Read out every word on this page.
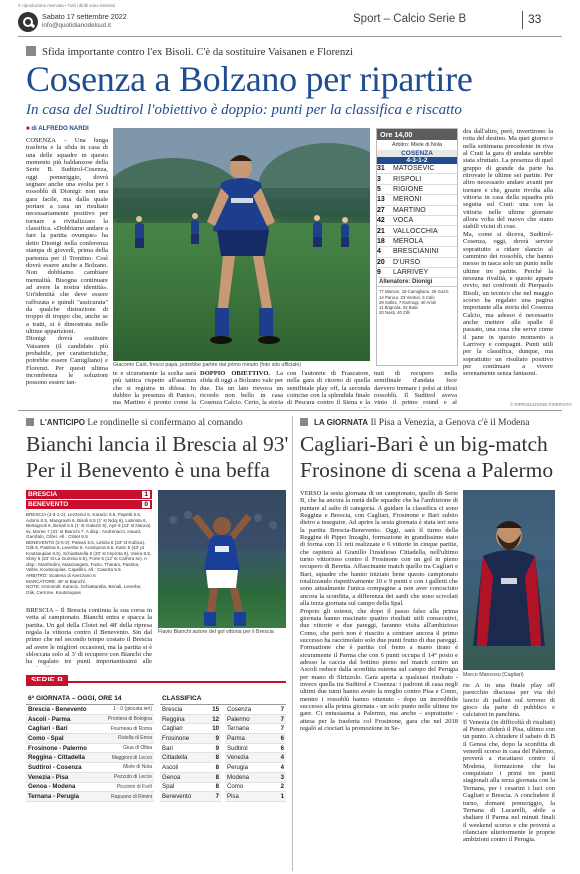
© riproduzione riservata • Tutti i diritti sono riservati
Sabato 17 settembre 2022
info@quotidianodelsud.it
Sport – Calcio Serie B	33
Sfida importante contro l'ex Bisoli. C'è da sostituire Vaisanen e Florenzi
Cosenza a Bolzano per ripartire
In casa del Sudtirol l'obiettivo è doppio: punti per la classifica e riscatto
■ di ALFREDO NARDI
COSENZA – Una lunga trasferta e la sfida in casa di una delle squadre in questo momento più baldanzose della Serie B. Sudtirol-Cosenza, oggi pomeriggio, dovrà segnare anche una svolta per i rossoblù di Dionigi: non una gara facile, ma dalla quale portare a casa un risultato necessariamente positivo per tornare a rivitalizzare la classifica. «Dobbiamo andare a fare la partita ovunque» ha detto Dionigi nella conferenza stampa di giovedì, prima della partenza per il Trentino. Così dovrà essere anche a Bolzano. Non dobbiamo cambiare mentalità. Bisogna continuare ad avere la nostra identità». Un'identità che deve essere raffozata e quindi "assicurata" da qualche distrazione di troppo di troppo che, anche se a tratti, si è dimostrata nelle ultime apparizioni.
Dionigi dovrà sostituire Vaisanen (il candidato più probabile, per caratteristiche, potrebbe essere Camigliano) e Florenzi. Per questi ultima incombenza le soluzioni possono essere tan-
Giacomo Calò, fresco papà, potrebbe partire dal primo minuto (foto sito ufficiale)
te e sicuramente la scelta sarà più tattica rispetto all'assenza che si registra in difesa. In dubbio la presenza di Panico, ma Martino è pronto come la
DOPPIO OBIETTIVO. La sfida di oggi a Bolzano vale per due. Da un lato rievoca un ricordo non bello in casa Cosenza Calcio. Certo, la storia
con l'autorete di Frascatore, nella gara di ritorno di quella semifinale play off, la seconda coincise con la splendida finale di Pescara contro il Siena e la

nuti di recupero nella semifinale d'andata fece davvero tremare i polsi ai tifosi rossoblù. Il Sudtirol aveva vinto il primo round e al
Ore 14,00
Arbitro: Miele di Nola
COSENZA
4-3-1-2
31	MATOSEVIC
3	RISPOLI
5	RIGIONE
13	MERONI
27	MARTINO
42	VOCA
21	VALLOCCHIA
18	MEROLA
4	BRESCIANINI
20	D'URSO
9	LARRIVEY
Allenatore: Dionigi
77 Marson, 19 Camigliano, 25 Gozzi
14 Panico, 23 Venturi, 6 Calò
28 Sollini, 7 Karmogi, 40 Arioli
11 Brignola, 32 Butic
20 Nasti, 40 Zilli
dra dall'altro, però, invertirono la rotta del destino. Ma quei giorno e nella settimana precedente in riva al Crati la gara di andata sarebbe stata sfruttato. La presenza di quel gruppo di grande da parte ha ritrovato le ultime sei partite. Per altro necessario andare avanti per tornare e che, grazie rivolta alla vittoria in casa della squadra più seguita sul Crati: una con la vittoria nelle ultime giornate allora volta del nuovo che siano stabili vicini di cose.
Ma, come si diceva, Sudtirol-Cosenza, oggi, dovrà servire soprattutto a ridare slancio al cammino dei rossoblù, che hanno messo in tasca solo un punto nelle ultime tre partite. Perché la nessuna rivalità, e questo appare ovvio, nei confronti di Pierpaolo Bisoli, un tecnico che nel maggio scorso ha regalato una pagina importante alla storia del Cosenza Calcio, ma adesso è necessario anche mettere alle spalle il passato, una cosa che serve come il pane in questo momento a Larrivey e compagni. Punti utili per la classifica, dunque, ma soprattutto un risultato positivo per continuare a vivere serenamente senza fantasmi.
© RIPRODUZIONE RISERVATA
L'ANTICIPO Le rondinelle si confermano al comando
Bianchi lancia il Brescia al 93'
Per il Benevento è una beffa
BRESCIA	1
BENEVENTO	0
BRESCIA (4-3-1-2): Lezzerini 6, Karacic 5.5, Papetti 5.5, Adorni 6.5, Mangraviti 6, Bisoli 6.5 (1' st Ndoj 6), Labriola 6, Bertagnoli 6, Benali 5.5 (1' st Galazzi 6), Ayé 6 (43' st Nanna) sv, Moree 7 (31' st Bianchi 7. A disp.: Andrenacci, Huard, Garofalo, Olzer. All.: Clotet 6.5
BENEVENTO (3-5-2): Paleari 6.5, Letizia 6 (33' st Kubica), Glik 6, Pastina 6, Leverbe 6, Acampora 6.5, Karic 5 (43' pt Koutsoupias 6.5), Schiattarella 5 (33' st Improta 6), Vieira 6.5, Sbiry 5 (23' st La Gumina 5.5), Forte 5 (12' st Carfora sv). A disp.: Manfredini, Masciangelo, Fazio, Tharam, Pastina, Veltre, Koutsoupias, Capellini. All.: Caserta 5.5
ARBITRO: Scatena di Avezzano 6
MARCATORE: 49' st Bianchi
NOTE: Ammoniti: Karacic, Schiattarella, Benali, Leverbe, Glik, Cerrone, Koutsoupias
Flavio Bianchi autore del gol vittoria per il Brescia
BRESCIA – Il Brescia continua la sua corsa in vetta al campionato. Bianchi entra e spacca la partita. Un gol della Clotet nel 48' della ripresa regala la vittoria contro il Benevento. Sin dal primo che nel secondo tempo costato il Brescia ad avere le migliori occasioni, ma la partita si è sbloccata solo al 3' di recupero con Bianchi che ha regalato tre punti importantissimi alle
6ª GIORNATA – OGGI, ORE 14
Brescia - Benevento	1 - 0 (giocata ieri)
Ascoli - Parma	Prontera di Bologna
Cagliari - Bari	Fourneau di Roma
Como - Spal	Rutella di Enna
Frosinone - Palermo	Giua di Olbia
Reggina - Cittadella	Maggioni di Lecco
Sudtirol - Cosenza	Miele di Nola
Venezia - Pisa	Pezzuto di Lecce
Genoa - Modena	Piccinini di Forlì
Ternana - Perugia	Rapuano di Rimini
CLASSIFICA
Brescia	15
Reggina	12
Cagliari	10
Frosinone	9
Bari	9
Cittadella	8
Ascoli	8
Genoa	8
Spal	8
Benevento	7
Cosenza	7
Palermo	7
Ternana	7
Parma	6
Sudtirol	6
Venezia	4
Perugia	4
Modena	3
Como	2
Pisa	1
LA GIORNATA Il Pisa a Venezia, a Genova c'è il Modena
Cagliari-Bari è un big-match
Frosinone di scena a Palermo
VERSO la sesta giornata di un campionato, quello di Serie B, che ha ancora la metà delle squadre che ha l'ambizione di puntare al salto di categoria. A guidare la classifica ci sono Reggina e Brescia, con Cagliari, Frosinone e Bari subito dietro a inseguire. Ad aprire la sesta giornata è stata ieri sera la partita Brescia-Benevento. Oggi, sarà il turno della Reggina di Pippo Inzaghi, formazione in grandissimo stato di forma con 11 reti realizzate e 6 vittorie in cinque partite, che ospiterà al Granillo l'insidioso Cittadella, nell'ultimo turno vittorioso contro il Frosinone con un gol in pieno recupero di Beretta. Affascinante match quello tra Cagliari e Bari, squadre che hanno iniziato bene questo campionato totalizzando rispettivamente 10 e 9 punti e con i galletti che sono attualmente l'unica compagine a non aver conosciuto ancora la sconfitta, a differenza dei sardi che sono scivolati alla terza giornata sul campo della Spal.
Proprio gli estensi, che dopo il passo falso alla prima giornata hanno macinato quattro risultati utili consecutivi, due vittorie e due pareggi, faranno visita all'ambizioso Como, che però non è riuscito a centrare ancora il primo successo ha raccimolato solo due punti frutto di due pareggi. Formazione che è partita col freno a mano tirato è sicuramente il Parma che con 6 punti occupa il 14° posto e adesso la caccia dal bottino pieno nel match contro un Ascoli reduce dalla sconfitta esterna sul campo del Perugia per mano di Strizzolo. Gara aperta a qualsiasi risultato - invece quella tra Sudtirol e Cosenza: i padroni di casa negli ultimi due turni hanno avuto la meglio contro Pisa e Como, mentre i rossoblù hanno ottenuto - dopo un incredibile successo alla prima giornata - un solo punto nelle ultime tre gare. Ci entusiasma a Palermo, ma anche - soprattutto - attesa per la trasferta col Frosinone, gara che nel 2018 regalò ai ciociari la promozione in Se-
Marco Mancosu (Cagliari)
rie A in una finale play off parecchio discussa per via del lancio di palloni sul terreno di gioco da parte di pubblico e calciatori in panchina.
Il Venezia (in difficoltà di risultati) al Penzo sfiderà il Pisa, ultimo con un punto. A chiudere il sabato di B il Genoa che, dopo la sconfitta di venerdì scorso in casa del Palermo, proverà a riscattarsi contro il Modena, formazione che ha conquistato i primi tre punti stagionali alla terza giornata con la Ternana, per i cesarini i luci con Cagliari e Brescia. A concludere il turno, domani pomeriggio, la Ternana di Lucarelli, abile a sbaltare il Parma nel minuti finali il weekend scorso e che proverà a rilanciare ulteriormente le proprie ambizioni contro il Perugia.
